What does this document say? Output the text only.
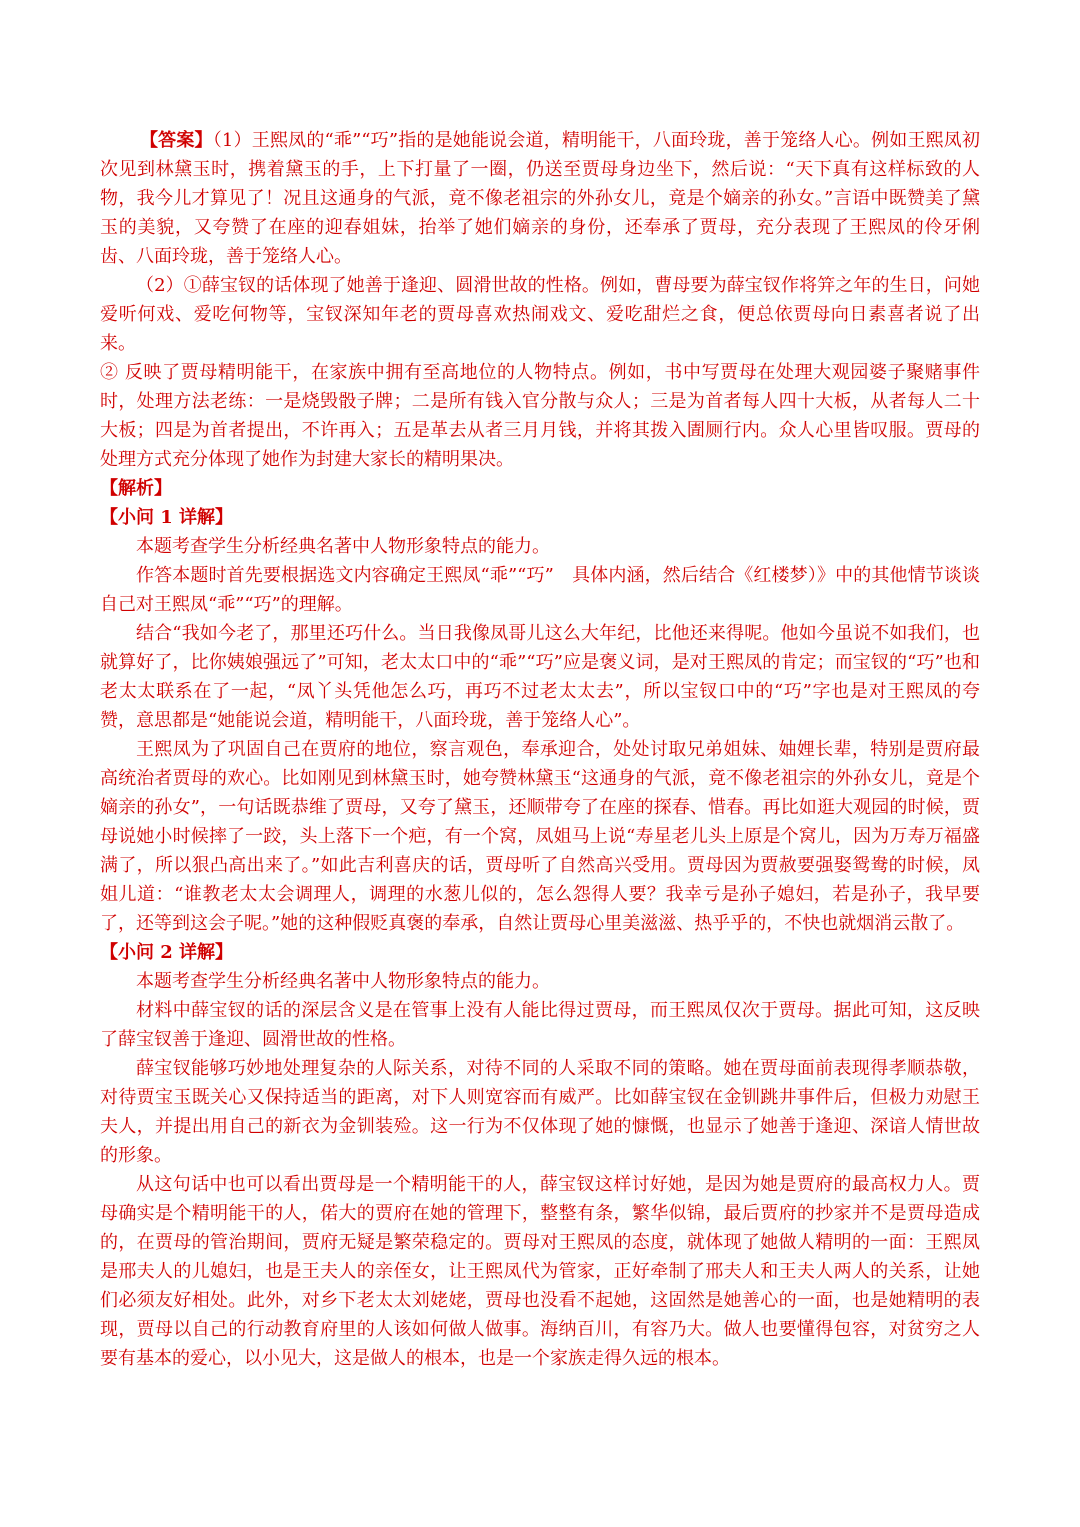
【答案】（1）王熙凤的“乖”“巧”指的是她能说会道，精明能干，八面玲珑，善于笼络人心。例如王熙凤初次见到林黛玉时，携着黛玉的手，上下打量了一圈，仍送至贾母身边坐下，然后说：“天下真有这样标致的人物，我今儿才算见了！况且这通身的气派，竟不像老祖宗的外孙女儿，竟是个嫡亲的孙女。”言语中既赞美了黛玉的美貌，又夸赞了在座的迎春姐妹，抬举了她们嫡亲的身份，还奉承了贾母，充分表现了王熙凤的伶牙俐齿、八面玲珑，善于笼络人心。

（2）①薛宝钗的话体现了她善于逢迎、圆滑世故的性格。例如，曹母要为薛宝钗作将笄之年的生日，问她爱听何戏、爱吃何物等，宝钗深知年老的贾母喜欢热闹戏文、爱吃甜烂之食，便总依贾母向日素喜者说了出来。

② 反映了贾母精明能干，在家族中拥有至高地位的人物特点。例如，书中写贾母在处理大观园婆子聚赌事件时，处理方法老练：一是烧毁骰子牌；二是所有钱入官分散与众人；三是为首者每人四十大板，从者每人二十大板；四是为首者提出，不许再入；五是革去从者三月月钱，并将其拨入圊厕行内。众人心里皆叹服。贾母的处理方式充分体现了她作为封建大家长的精明果决。

【解析】

【小问 1 详解】

本题考查学生分析经典名著中人物形象特点的能力。

作答本题时首先要根据选文内容确定王熙凤“乖”“巧”　具体内涵，然后结合《红楼梦）》中的其他情节谈谈自己对王熙凤“乖”“巧”的理解。

结合“我如今老了，那里还巧什么。当日我像凤哥儿这么大年纪，比他还来得呢。他如今虽说不如我们，也就算好了，比你姨娘强远了”可知，老太太口中的“乖”“巧”应是褒义词，是对王熙凤的肯定；而宝钗的“巧”也和老太太联系在了一起，“凤丫头凭他怎么巧，再巧不过老太太去”，所以宝钗口中的“巧”字也是对王熙凤的夸赞，意思都是“她能说会道，精明能干，八面玲珑，善于笼络人心”。

王熙凤为了巩固自己在贾府的地位，察言观色，奉承迎合，处处讨取兄弟姐妹、妯娌长辈，特别是贾府最高统治者贾母的欢心。比如刚见到林黛玉时，她夸赞林黛玉“这通身的气派，竟不像老祖宗的外孙女儿，竟是个嫡亲的孙女”，一句话既恭维了贾母，又夸了黛玉，还顺带夸了在座的探春、惜春。再比如逛大观园的时候，贾母说她小时候摔了一跤，头上落下一个疤，有一个窝，凤姐马上说“寿星老儿头上原是个窝儿，因为万寿万福盛满了，所以狠凸高出来了。”如此吉利喜庆的话，贾母听了自然高兴受用。贾母因为贾赦要强娶鸳鸯的时候，凤姐儿道：“谁教老太太会调理人，调理的水葱儿似的，怎么怨得人要？我幸亏是孙子媳妇，若是孙子，我早要了，还等到这会子呢。”她的这种假贬真褒的奉承，自然让贾母心里美滋滋、热乎乎的，不快也就烟消云散了。

【小问 2 详解】

本题考查学生分析经典名著中人物形象特点的能力。

材料中薛宝钗的话的深层含义是在管事上没有人能比得过贾母，而王熙凤仅次于贾母。据此可知，这反映了薛宝钗善于逢迎、圆滑世故的性格。

薛宝钗能够巧妙地处理复杂的人际关系，对待不同的人采取不同的策略。她在贾母面前表现得孝顺恭敬，对待贾宝玉既关心又保持适当的距离，对下人则宽容而有威严。比如薛宝钗在金钏跳井事件后，但极力劝慰王夫人，并提出用自己的新衣为金钏装殓。这一行为不仅体现了她的慷慨，也显示了她善于逢迎、深谙人情世故的形象。

从这句话中也可以看出贾母是一个精明能干的人，薛宝钗这样讨好她，是因为她是贾府的最高权力人。贾母确实是个精明能干的人，偌大的贾府在她的管理下，整整有条，繁华似锦，最后贾府的抄家并不是贾母造成的，在贾母的管治期间，贾府无疑是繁荣稳定的。贾母对王熙凤的态度，就体现了她做人精明的一面：王熙凤是邢夫人的儿媳妇，也是王夫人的亲侄女，让王熙凤代为管家，正好牵制了邢夫人和王夫人两人的关系，让她们必须友好相处。此外，对乡下老太太刘姥姥，贾母也没看不起她，这固然是她善心的一面，也是她精明的表现，贾母以自己的行动教育府里的人该如何做人做事。海纳百川，有容乃大。做人也要懂得包容，对贫穷之人要有基本的爱心，以小见大，这是做人的根本，也是一个家族走得久远的根本。
